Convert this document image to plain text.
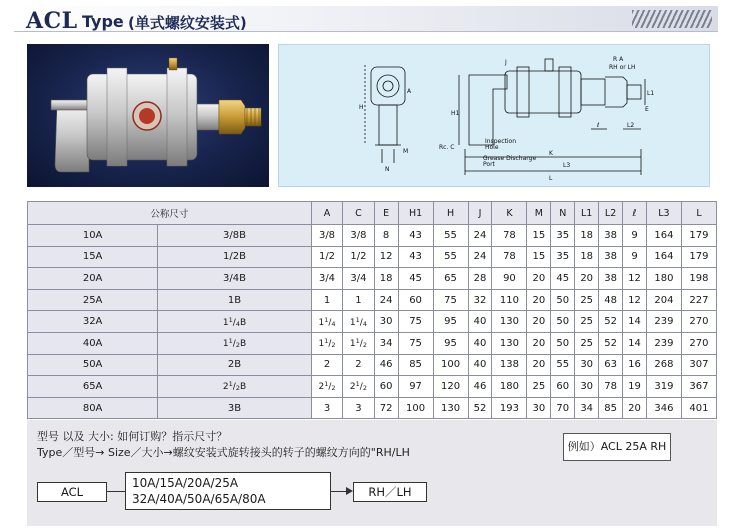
ACL Type (单式螺纹安装式)
R A
RH or LH
Inspection
Hole
Grease Discharge
Port
Rc. C
A
H
H1
M
N
J
K
L
L1
L2
L3
E
ℓ
公称尺寸		A	C	E	H1	H	J	K	M	N	L1	L2	ℓ	L3	L
10A	3/8B	3/8	3/8	8	43	55	24	78	15	35	18	38	9	164	179
15A	1/2B	1/2	1/2	12	43	55	24	78	15	35	18	38	9	164	179
20A	3/4B	3/4	3/4	18	45	65	28	90	20	45	20	38	12	180	198
25A	1B	1	1	24	60	75	32	110	20	50	25	48	12	204	227
32A	$1^1/_4B$	$1^1/_4$	$1^1/_4$	30	75	95	40	130	20	50	25	52	14	239	270
40A	$1^1/_2B$	$1^1/_2$	$1^1/_2$	34	75	95	40	130	20	50	25	52	14	239	270
50A	2B	2	2	46	85	100	40	138	20	55	30	63	16	268	307
65A	$2^1/_2B$	$2^1/_2$	$2^1/_2$	60	97	120	46	180	25	60	30	78	19	319	367
80A	3B	3	3	72	100	130	52	193	30	70	34	85	20	346	401
型号 以及 大小: 如何订购？指示尺寸？
Type／型号→ Size／大小→螺纹安装式旋转接头的转子的螺纹方向的"RH/LH	例如）ACL 25A RH
ACL
10A/15A/20A/25A
32A/40A/50A/65A/80A	RH／LH
